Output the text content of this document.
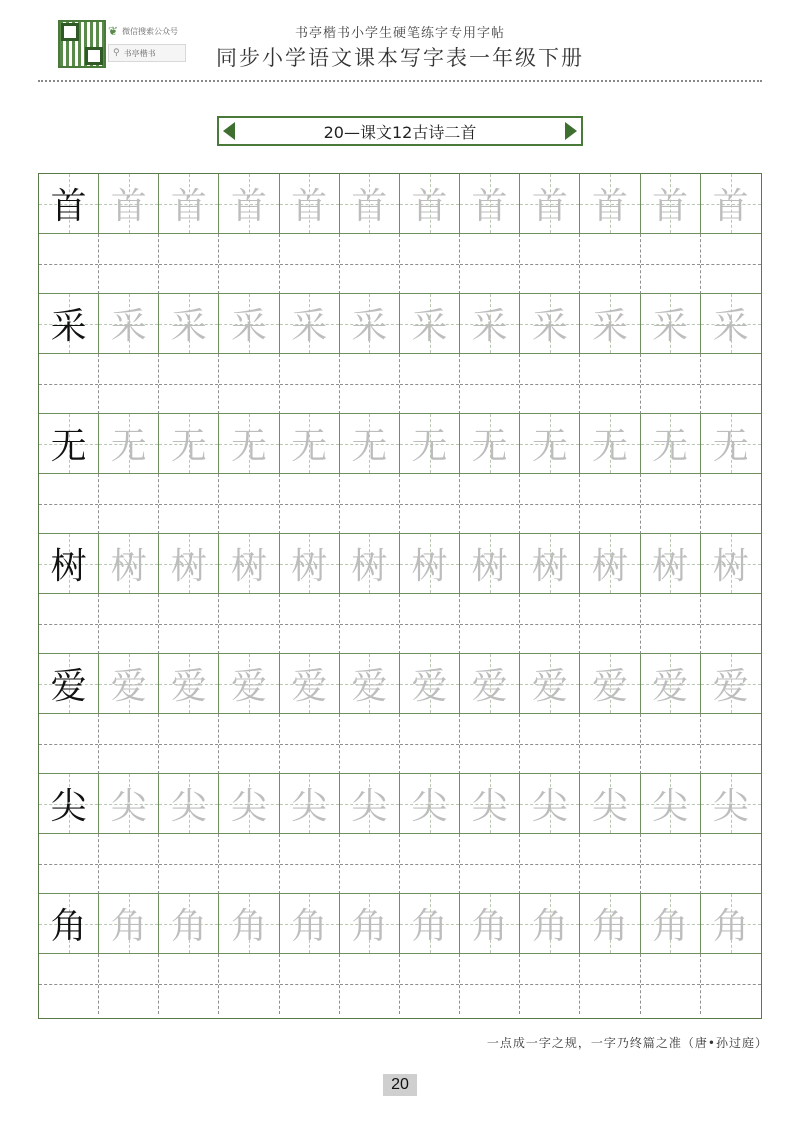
❦ 微信搜索公众号
⚲ 书亭楷书
书亭楷书小学生硬笔练字专用字帖
同步小学语文课本写字表一年级下册
20—课文12古诗二首
首 首 首 首 首 首 首 首 首 首 首 首
采 采 采 采 采 采 采 采 采 采 采 采
无 无 无 无 无 无 无 无 无 无 无 无
树 树 树 树 树 树 树 树 树 树 树 树
爱 爱 爱 爱 爱 爱 爱 爱 爱 爱 爱 爱
尖 尖 尖 尖 尖 尖 尖 尖 尖 尖 尖 尖
角 角 角 角 角 角 角 角 角 角 角 角
一点成一字之规，一字乃终篇之准（唐•孙过庭）
20
